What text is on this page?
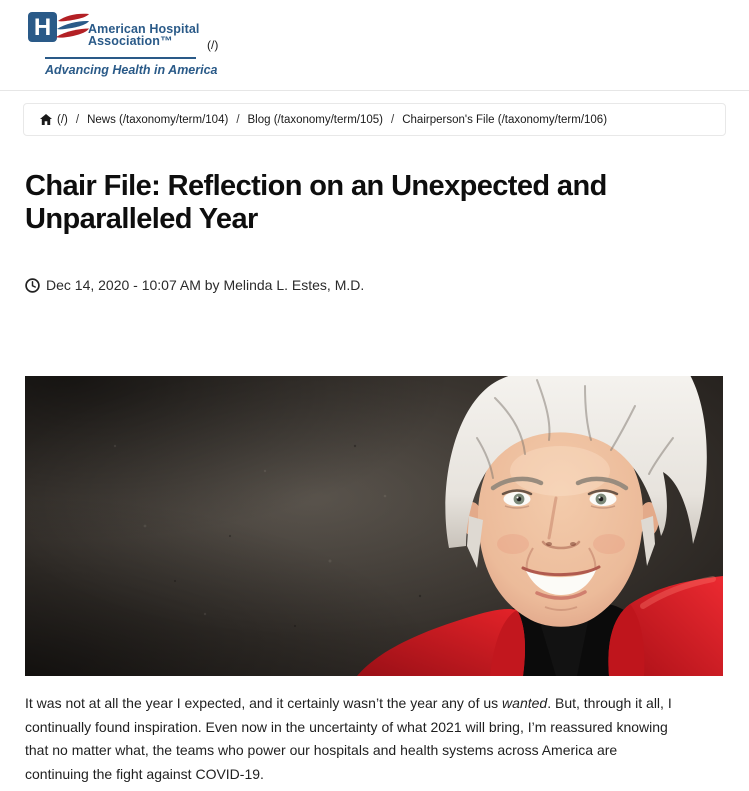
H	American Hospital
Association™	(/)
Advancing Health in America
(/) / News (/taxonomy/term/104) / Blog (/taxonomy/term/105) / Chairperson's File (/taxonomy/term/106)
Chair File: Reflection on an Unexpected and Unparalleled Year
Dec 14, 2020 - 10:07 AM by Melinda L. Estes, M.D.

It was not at all the year I expected, and it certainly wasn’t the year any of us wanted. But, through it all, I
continually found inspiration. Even now in the uncertainty of what 2021 will bring, I’m reassured knowing
that no matter what, the teams who power our hospitals and health systems across America are
continuing the fight against COVID-19.
